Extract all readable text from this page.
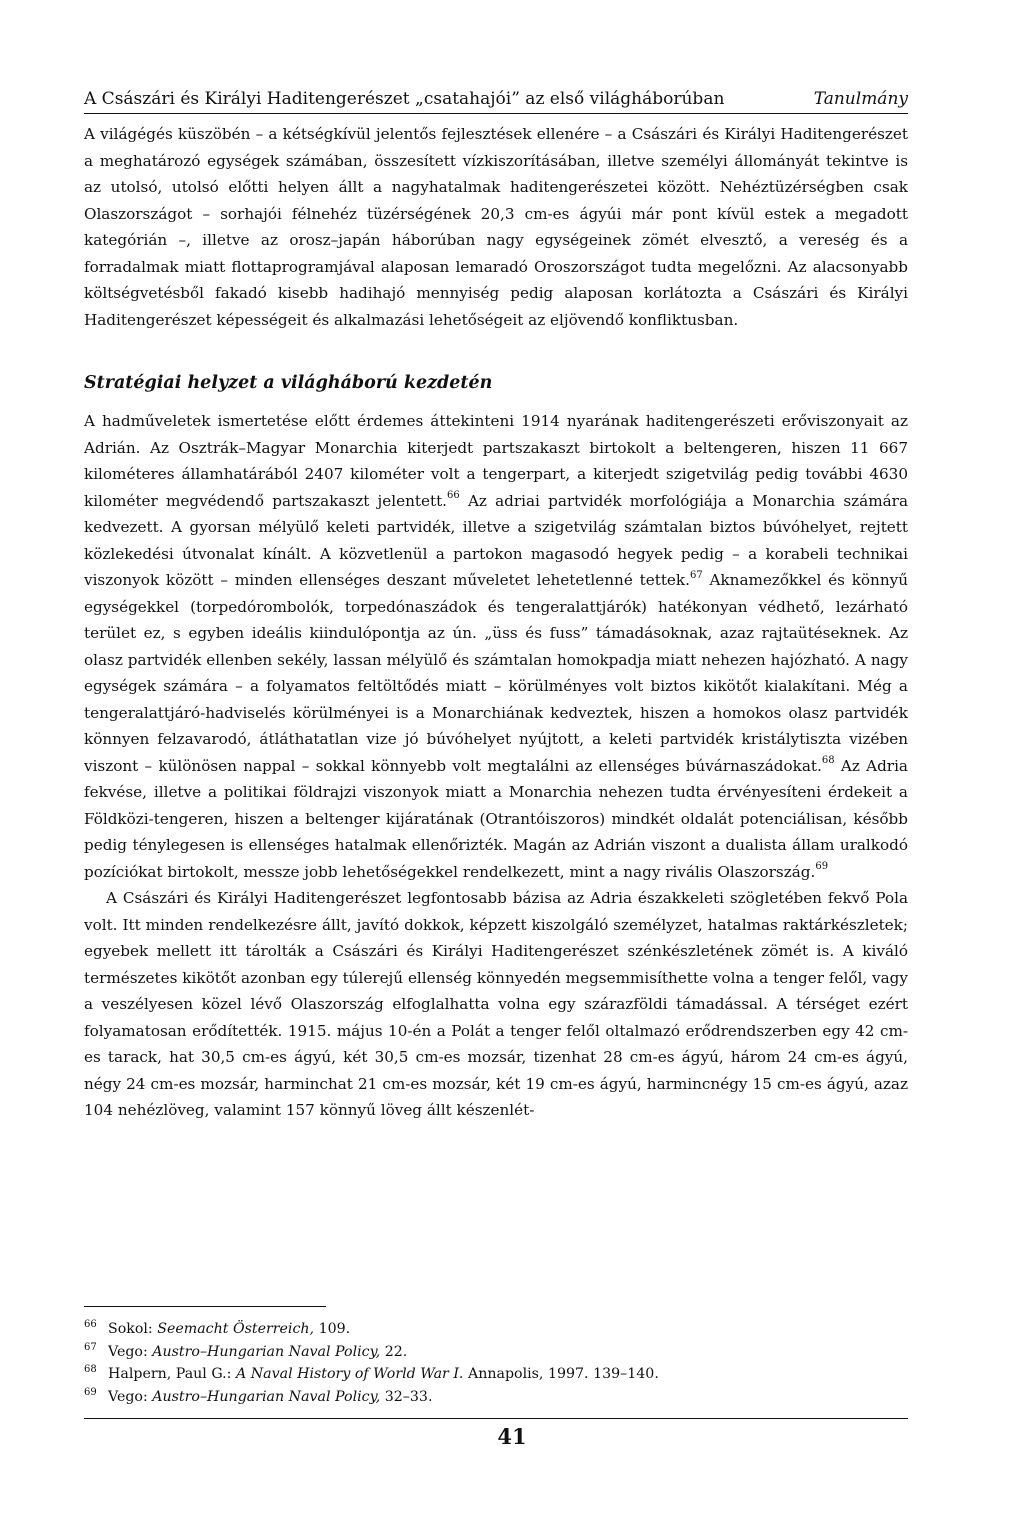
A Császári és Királyi Haditengerészet „csatahajói” az első világháborúban	Tanulmány

A világégés küszöbén – a kétségkívül jelentős fejlesztések ellenére – a Császári és Királyi Haditengerészet a meghatározó egységek számában, összesített vízkiszorításában, illetve személyi állományát tekintve is az utolsó, utolsó előtti helyen állt a nagyhatalmak haditengerészetei között. Nehéztüzérségben csak Olaszországot – sorhajói félnehéz tüzérségének 20,3 cm-es ágyúi már pont kívül estek a megadott kategórián –, illetve az orosz–japán háborúban nagy egységeinek zömét elvesztő, a vereség és a forradalmak miatt flottaprogramjával alaposan lemaradó Oroszországot tudta megelőzni. Az alacsonyabb költségvetésből fakadó kisebb hadihajó mennyiség pedig alaposan korlátozta a Császári és Királyi Haditengerészet képességeit és alkalmazási lehetőségeit az eljövendő konfliktusban.

Stratégiai helyzet a világháború kezdetén

A hadműveletek ismertetése előtt érdemes áttekinteni 1914 nyarának haditengerészeti erőviszonyait az Adrián. Az Osztrák–Magyar Monarchia kiterjedt partszakaszt birtokolt a beltengeren, hiszen 11 667 kilométeres államhatárából 2407 kilométer volt a tengerpart, a kiterjedt szigetvilág pedig további 4630 kilométer megvédendő partszakaszt jelentett.$^{66}$ Az adriai partvidék morfológiája a Monarchia számára kedvezett. A gyorsan mélyülő keleti partvidék, illetve a szigetvilág számtalan biztos búvóhelyet, rejtett közlekedési útvonalat kínált. A közvetlenül a partokon magasodó hegyek pedig – a korabeli technikai viszonyok között – minden ellenséges deszant műveletet lehetetlenné tettek.$^{67}$ Aknamezőkkel és könnyű egységekkel (torpedórombolók, torpedónaszádok és tengeralattjárók) hatékonyan védhető, lezárható terület ez, s egyben ideális kiindulópontja az ún. „üss és fuss” támadásoknak, azaz rajtaütéseknek. Az olasz partvidék ellenben sekély, lassan mélyülő és számtalan homokpadja miatt nehezen hajózható. A nagy egységek számára – a folyamatos feltöltődés miatt – körülményes volt biztos kikötőt kialakítani. Még a tengeralattjáró-hadviselés körülményei is a Monarchiának kedveztek, hiszen a homokos olasz partvidék könnyen felzavarodó, átláthatatlan vize jó búvóhelyet nyújtott, a keleti partvidék kristálytiszta vizében viszont – különösen nappal – sokkal könnyebb volt megtalálni az ellenséges búvárnaszádokat.$^{68}$ Az Adria fekvése, illetve a politikai földrajzi viszonyok miatt a Monarchia nehezen tudta érvényesíteni érdekeit a Földközi-tengeren, hiszen a beltenger kijáratának (Otrantóiszoros) mindkét oldalát potenciálisan, később pedig ténylegesen is ellenséges hatalmak ellenőrizték. Magán az Adrián viszont a dualista állam uralkodó pozíciókat birtokolt, messze jobb lehetőségekkel rendelkezett, mint a nagy rivális Olaszország.$^{69}$

A Császári és Királyi Haditengerészet legfontosabb bázisa az Adria északkeleti szögletében fekvő Pola volt. Itt minden rendelkezésre állt, javító dokkok, képzett kiszolgáló személyzet, hatalmas raktárkészletek; egyebek mellett itt tárolták a Császári és Királyi Haditengerészet szénkészletének zömét is. A kiváló természetes kikötőt azonban egy túlerejű ellenség könnyedén megsemmisíthette volna a tenger felől, vagy a veszélyesen közel lévő Olaszország elfoglalhatta volna egy szárazföldi támadással. A térséget ezért folyamatosan erődítették. 1915. május 10-én a Polát a tenger felől oltalmazó erődrendszerben egy 42 cm-es tarack, hat 30,5 cm-es ágyú, két 30,5 cm-es mozsár, tizenhat 28 cm-es ágyú, három 24 cm-es ágyú, négy 24 cm-es mozsár, harminchat 21 cm-es mozsár, két 19 cm-es ágyú, harmincnégy 15 cm-es ágyú, azaz 104 nehézlöveg, valamint 157 könnyű löveg állt készenlét-

66 Sokol: Seemacht Österreich, 109.
67 Vego: Austro–Hungarian Naval Policy, 22.
68 Halpern, Paul G.: A Naval History of World War I. Annapolis, 1997. 139–140.
69 Vego: Austro–Hungarian Naval Policy, 32–33.
41
